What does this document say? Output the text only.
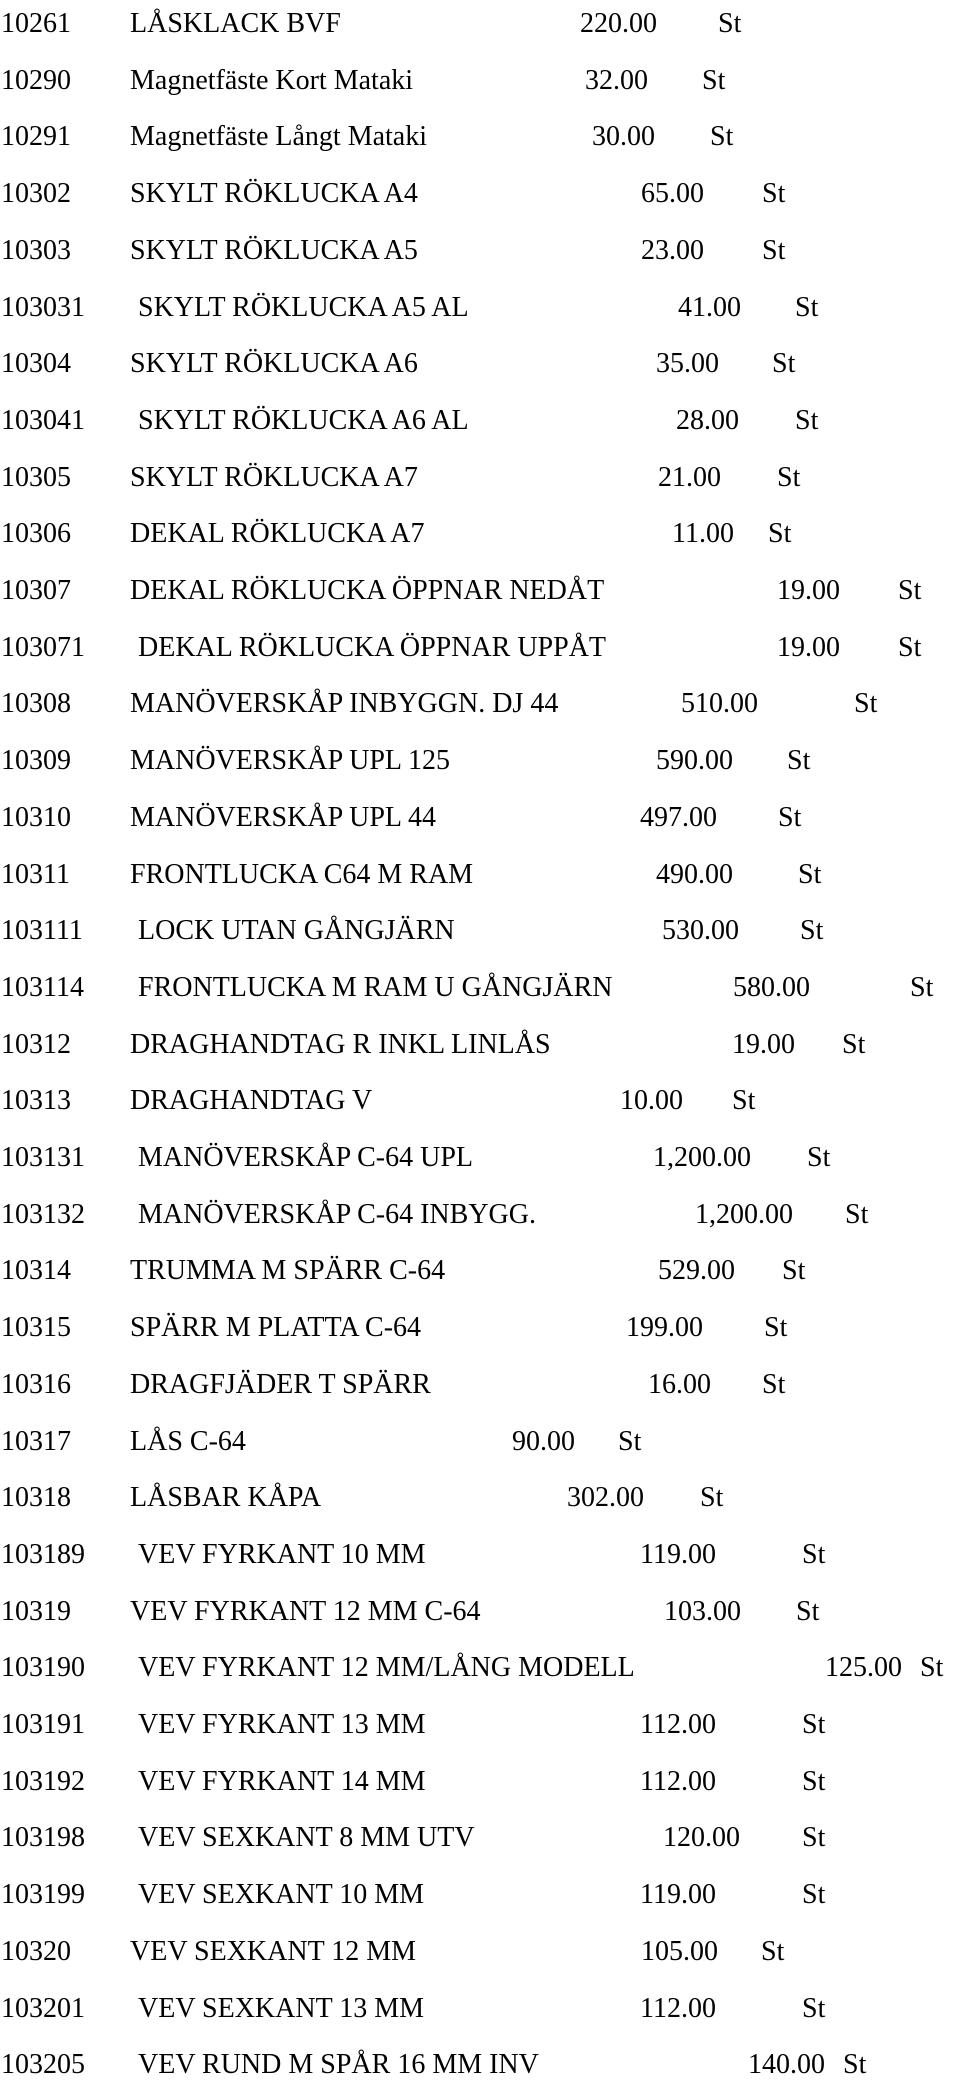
10261 LÅSKLACK BVF	220.00 St
10290 Magnetfäste Kort Mataki	32.00 St
10291 Magnetfäste Långt Mataki	30.00 St
10302 SKYLT RÖKLUCKA A4	65.00 St
10303 SKYLT RÖKLUCKA A5	23.00 St
103031 SKYLT RÖKLUCKA A5 AL	41.00 St
10304 SKYLT RÖKLUCKA A6	35.00 St
103041 SKYLT RÖKLUCKA A6 AL	28.00 St
10305 SKYLT RÖKLUCKA A7	21.00 St
10306 DEKAL RÖKLUCKA A7	11.00 St
10307 DEKAL RÖKLUCKA ÖPPNAR NEDÅT	19.00 St
103071 DEKAL RÖKLUCKA ÖPPNAR UPPÅT	19.00 St
10308 MANÖVERSKÅP INBYGGN. DJ 44	510.00	St
10309 MANÖVERSKÅP UPL 125	590.00 St
10310 MANÖVERSKÅP UPL 44	497.00 St
10311 FRONTLUCKA C64 M RAM	490.00 St
103111 LOCK UTAN GÅNGJÄRN	530.00 St
103114 FRONTLUCKA M RAM U GÅNGJÄRN	580.00	St
10312 DRAGHANDTAG R INKL LINLÅS	19.00 St
10313 DRAGHANDTAG V	10.00 St
103131 MANÖVERSKÅP C-64 UPL	1,200.00 St
103132 MANÖVERSKÅP C-64 INBYGG.	1,200.00 St
10314 TRUMMA M SPÄRR C-64	529.00 St
10315 SPÄRR M PLATTA C-64	199.00 St
10316 DRAGFJÄDER T SPÄRR	16.00 St
10317 LÅS C-64	90.00 St
10318 LÅSBAR KÅPA	302.00 St
103189 VEV FYRKANT 10 MM	119.00	St
10319 VEV FYRKANT 12 MM C-64	103.00 St
103190 VEV FYRKANT 12 MM/LÅNG MODELL	125.00 St
103191 VEV FYRKANT 13 MM	112.00	St
103192 VEV FYRKANT 14 MM	112.00	St
103198 VEV SEXKANT 8 MM UTV	120.00 St
103199 VEV SEXKANT 10 MM	119.00	St
10320 VEV SEXKANT 12 MM	105.00 St
103201 VEV SEXKANT 13 MM	112.00	St
103205 VEV RUND M SPÅR 16 MM INV	140.00 St
